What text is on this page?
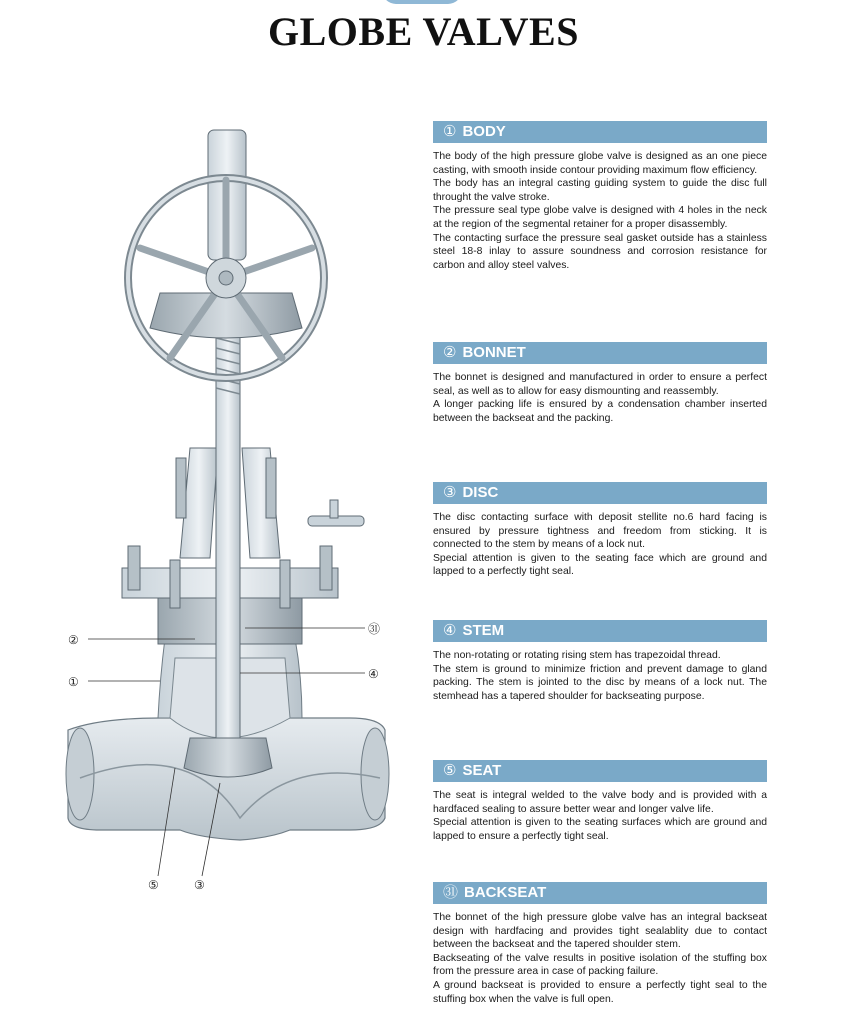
GLOBE VALVES
②
①
㉛
④
⑤	③
① BODY

The body of the high pressure globe valve is designed as an one piece casting, with smooth inside contour providing maximum flow efficiency.

The body has an integral casting guiding system to guide the disc full throught the valve stroke.

The pressure seal type globe valve is designed with 4 holes in the neck at the region of the segmental retainer for a proper disassembly.

The contacting surface the pressure seal gasket outside has a stainless steel 18-8 inlay to assure soundness and corrosion resistance for carbon and alloy steel valves.

② BONNET

The bonnet is designed and manufactured in order to ensure a perfect seal, as well as to allow for easy dismounting and reassembly.

A longer packing life is ensured by a condensation chamber inserted between the backseat and the packing.

③ DISC

The disc contacting surface with deposit stellite no.6 hard facing is ensured by pressure tightness and freedom from sticking. It is connected to the stem by means of a lock nut.

Special attention is given to the seating face which are ground and lapped to a perfectly tight seal.

④ STEM

The non-rotating or rotating rising stem has trapezoidal thread.

The stem is ground to minimize friction and prevent damage to gland packing. The stem is jointed to the disc by means of a lock nut. The stemhead has a tapered shoulder for backseating purpose.

⑤ SEAT

The seat is integral welded to the valve body and is provided with a hardfaced sealing to assure better wear and longer valve life.

Special attention is given to the seating surfaces which are ground and lapped to ensure a perfectly tight seal.

㉛ BACKSEAT

The bonnet of the high pressure globe valve has an integral backseat design with hardfacing and provides tight sealablity due to contact between the backseat and the tapered shoulder stem.

Backseating of the valve results in positive isolation of the stuffing box from the pressure area in case of packing failure.

A ground backseat is provided to ensure a perfectly tight seal to the stuffing box when the valve is full open.
